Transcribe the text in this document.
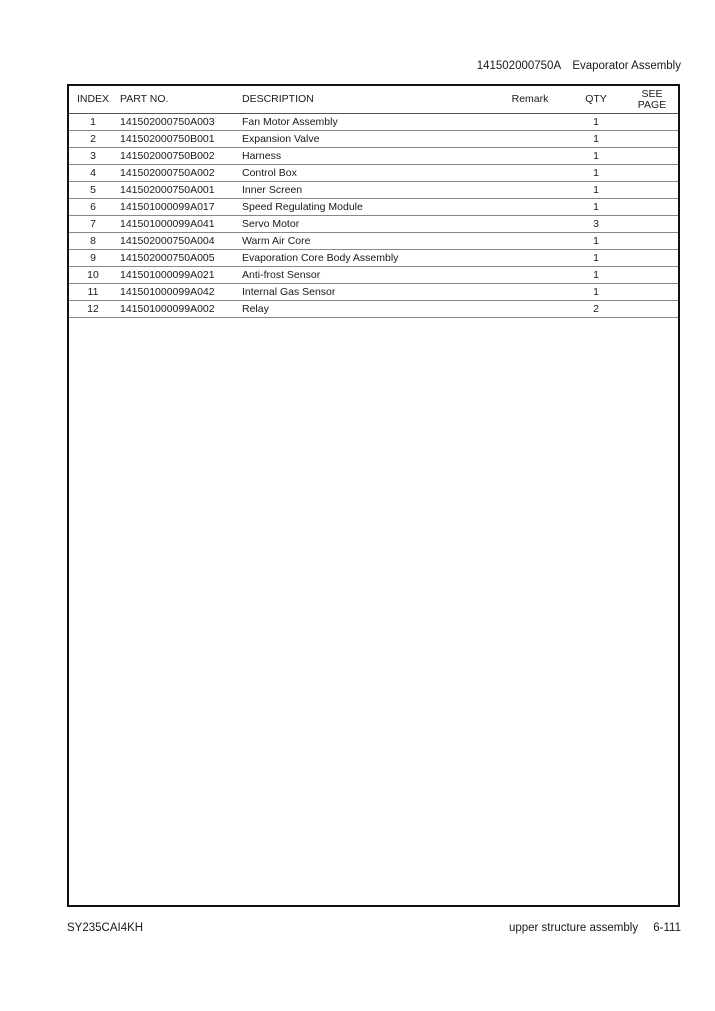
141502000750A Evaporator Assembly
INDEX	PART NO.	DESCRIPTION	Remark	QTY	SEE
PAGE
1	141502000750A003	Fan Motor Assembly		1	
2	141502000750B001	Expansion Valve		1	
3	141502000750B002	Harness		1	
4	141502000750A002	Control Box		1	
5	141502000750A001	Inner Screen		1	
6	141501000099A017	Speed Regulating Module		1	
7	141501000099A041	Servo Motor		3	
8	141502000750A004	Warm Air Core		1	
9	141502000750A005	Evaporation Core Body Assembly		1	
10	141501000099A021	Anti-frost Sensor		1	
11	141501000099A042	Internal Gas Sensor		1	
12	141501000099A002	Relay		2	
SY235CAI4KH	upper structure assembly 6-111
